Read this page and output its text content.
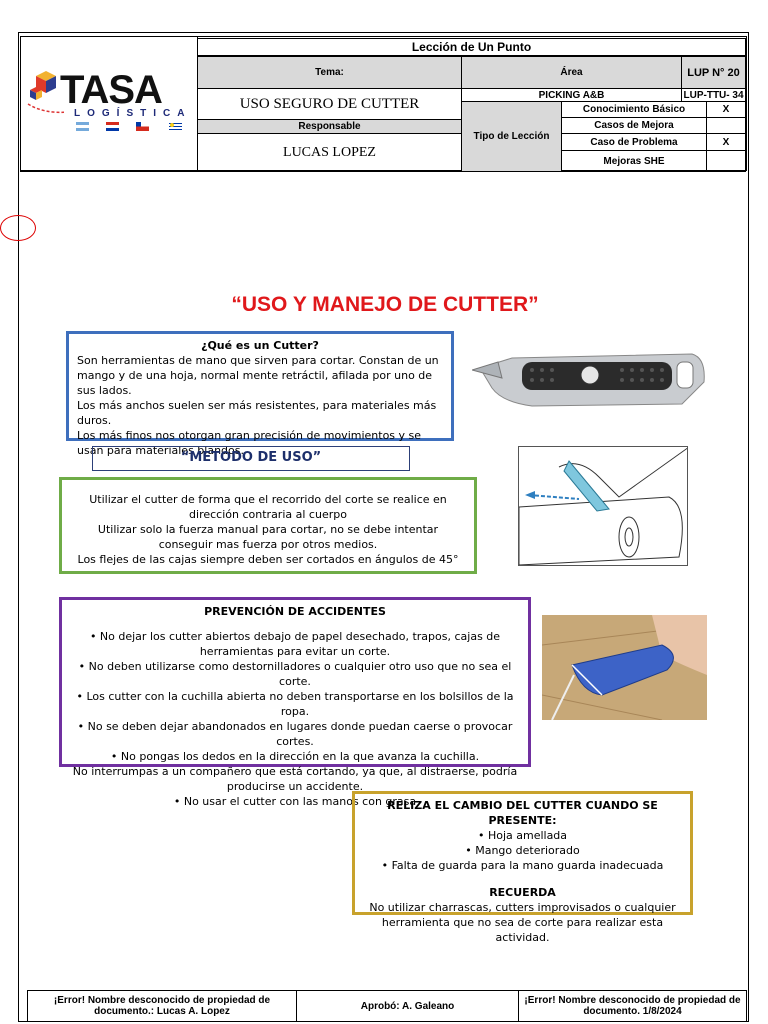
Lección de Un Punto
Tema:	Área	LUP N° 20
USO SEGURO DE CUTTER
PICKING A&B	LUP-TTU- 34
Responsable
LUCAS LOPEZ
Tipo de Lección
Conocimiento Básico	X
Casos de Mejora
Caso de Problema	X
Mejoras SHE
TASA
LOGÍSTICA
“USO Y MANEJO DE CUTTER”
¿Qué es un Cutter?

Son herramientas de mano que sirven para cortar. Constan de un mango y de una hoja, normal mente retráctil, afilada por uno de sus lados.

Los más anchos suelen ser más resistentes, para materiales más duros.

Los más finos nos otorgan gran precisión de movimientos y se usan para materiales blandos.

“METODO DE USO”

Utilizar el cutter de forma que el recorrido del corte se realice en dirección contraria al cuerpo

Utilizar solo la fuerza manual para cortar, no se debe intentar conseguir mas fuerza por otros medios.

Los flejes de las cajas siempre deben ser cortados en ángulos de 45°

PREVENCIÓN DE ACCIDENTES

• No dejar los cutter abiertos debajo de papel desechado, trapos, cajas de herramientas para evitar un corte.

• No deben utilizarse como destornilladores o cualquier otro uso que no sea el corte.

• Los cutter con la cuchilla abierta no deben transportarse en los bolsillos de la ropa.

• No se deben dejar abandonados en lugares donde puedan caerse o provocar cortes.

• No pongas los dedos en la dirección en la que avanza la cuchilla.

No interrumpas a un compañero que está cortando, ya que, al distraerse, podría producirse un accidente.

• No usar el cutter con las manos con grasa

RELIZA EL CAMBIO DEL CUTTER CUANDO SE PRESENTE:

• Hoja amellada

• Mango deteriorado

• Falta de guarda para la mano guarda inadecuada

RECUERDA

No utilizar charrascas, cutters improvisados o cualquier herramienta que no sea de corte para realizar esta actividad.

¡Error! Nombre desconocido de propiedad de documento.: Lucas A. Lopez	Aprobó: A. Galeano	¡Error! Nombre desconocido de propiedad de documento. 1/8/2024
